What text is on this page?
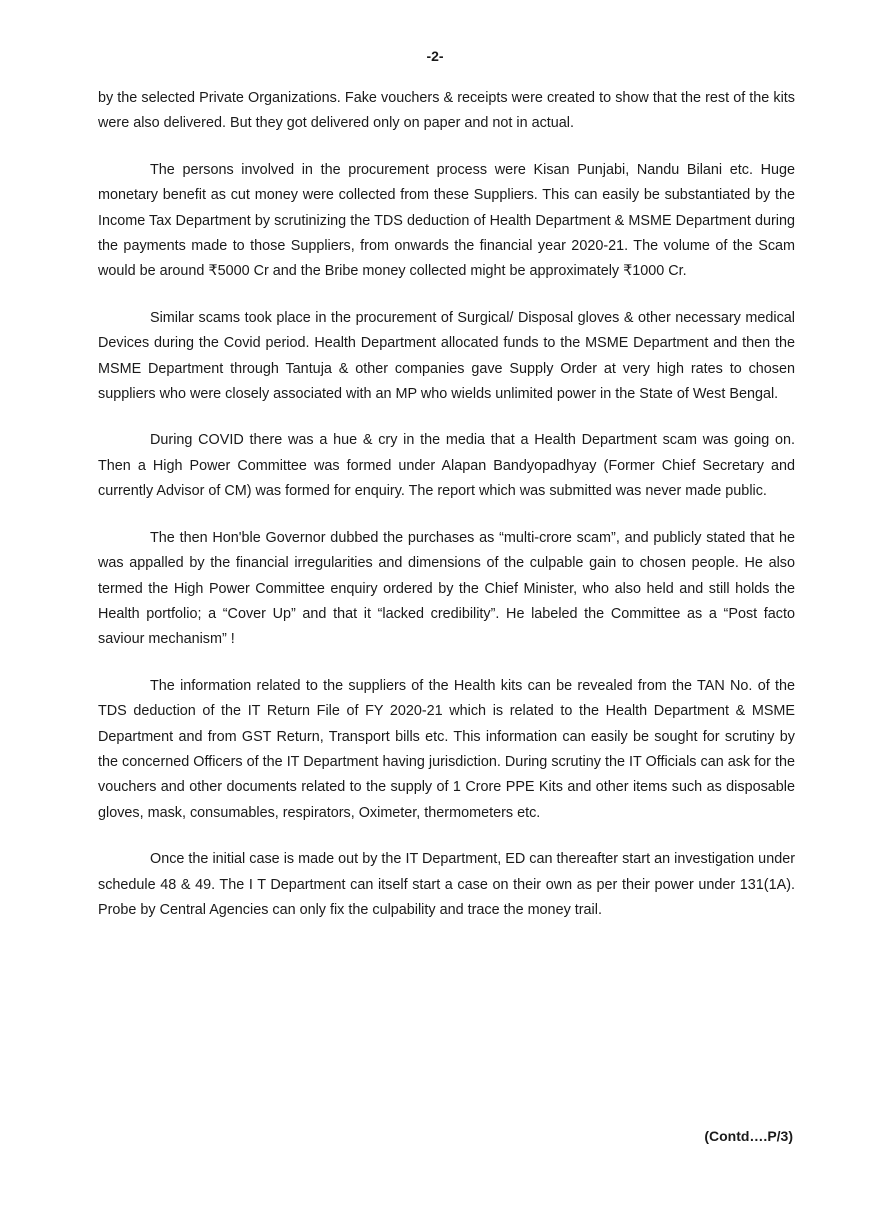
-2-

by the selected Private Organizations. Fake vouchers & receipts were created to show that the rest of the kits were also delivered. But they got delivered only on paper and not in actual.

The persons involved in the procurement process were Kisan Punjabi, Nandu Bilani etc. Huge monetary benefit as cut money were collected from these Suppliers. This can easily be substantiated by the Income Tax Department by scrutinizing the TDS deduction of Health Department & MSME Department during the payments made to those Suppliers, from onwards the financial year 2020-21. The volume of the Scam would be around ₹5000 Cr and the Bribe money collected might be approximately ₹1000 Cr.

Similar scams took place in the procurement of Surgical/ Disposal gloves & other necessary medical Devices during the Covid period. Health Department allocated funds to the MSME Department and then the MSME Department through Tantuja & other companies gave Supply Order at very high rates to chosen suppliers who were closely associated with an MP who wields unlimited power in the State of West Bengal.

During COVID there was a hue & cry in the media that a Health Department scam was going on. Then a High Power Committee was formed under Alapan Bandyopadhyay (Former Chief Secretary and currently Advisor of CM) was formed for enquiry. The report which was submitted was never made public.

The then Hon'ble Governor dubbed the purchases as “multi-crore scam”, and publicly stated that he was appalled by the financial irregularities and dimensions of the culpable gain to chosen people. He also termed the High Power Committee enquiry ordered by the Chief Minister, who also held and still holds the Health portfolio; a “Cover Up” and that it “lacked credibility”. He labeled the Committee as a “Post facto saviour mechanism” !

The information related to the suppliers of the Health kits can be revealed from the TAN No. of the TDS deduction of the IT Return File of FY 2020-21 which is related to the Health Department & MSME Department and from GST Return, Transport bills etc. This information can easily be sought for scrutiny by the concerned Officers of the IT Department having jurisdiction. During scrutiny the IT Officials can ask for the vouchers and other documents related to the supply of 1 Crore PPE Kits and other items such as disposable gloves, mask, consumables, respirators, Oximeter, thermometers etc.

Once the initial case is made out by the IT Department, ED can thereafter start an investigation under schedule 48 & 49. The I T Department can itself start a case on their own as per their power under 131(1A). Probe by Central Agencies can only fix the culpability and trace the money trail.

(Contd….P/3)
